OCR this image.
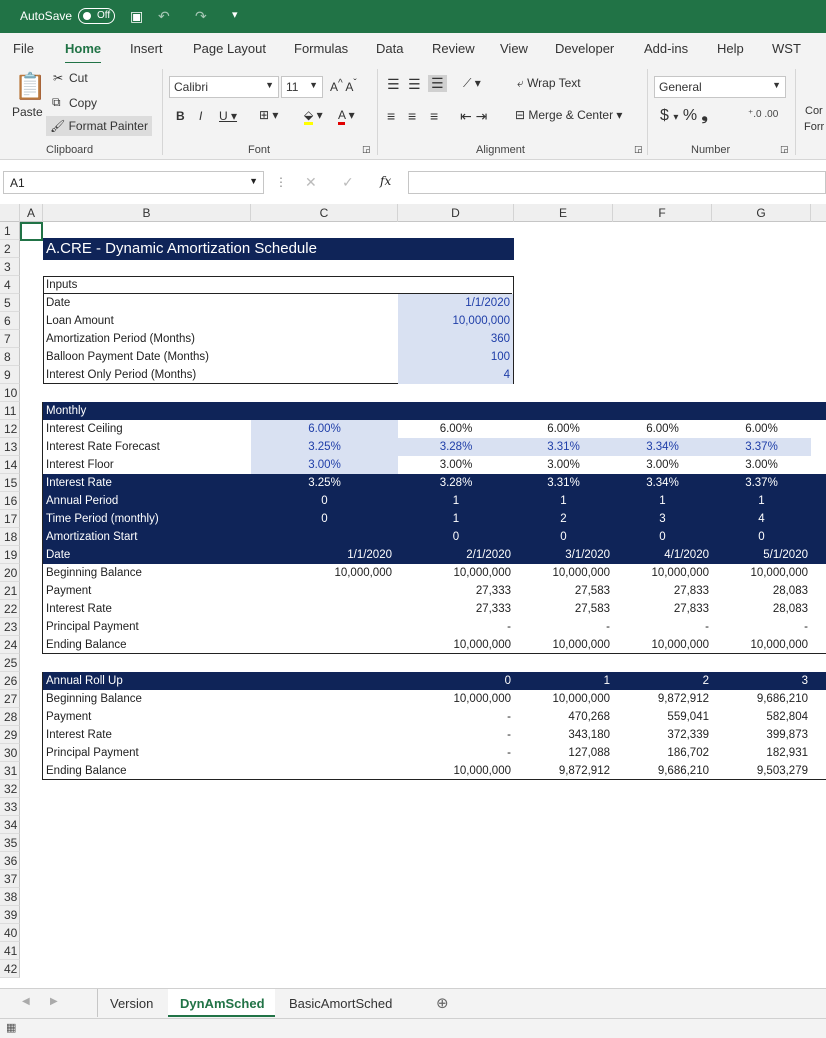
AutoSave	Off	▣ ↶ ↷ ▾
File Home Insert Page Layout Formulas Data Review View Developer Add-ins Help WST
📋
Paste
✂ Cut
⧉ Copy
🖌 Format Painter
Clipboard
Calibri	▼	11 ▼ A^ $A^ˇ$
B I U ▾ ⊞ ▾ ⬙ ▾ A ▾
Font	◲
☰ ☰ ☰ ⟋ ▾
≡ ≡ ≡ ⇤ ⇥
⤶ Wrap Text
⊟ Merge & Center ▾
Alignment	◲
General	▼
$ ▾ % ❟	⁺.0 .00
Number	◲
Cor
Forr
A1	▼ ⋮ ✕ ✓ fx
A	B	C	D	E	F	G
1
2
3
4
5
6
7
8
9
10
11
12
13
14
15
16
17
18
19
20
21
22
23
24
25
26
27
28
29
30
31
32
33
34
35
36
37
38
39
40
41
42
A.CRE - Dynamic Amortization Schedule
Inputs
Date	1/1/2020
Loan Amount	10,000,000
Amortization Period (Months)	360
Balloon Payment Date (Months)	100
Interest Only Period (Months)	4
Monthly
Interest Ceiling	6.00%	6.00%	6.00%	6.00%	6.00%
Interest Rate Forecast	3.25%	3.28%	3.31%	3.34%	3.37%
Interest Floor	3.00%	3.00%	3.00%	3.00%	3.00%
Interest Rate	3.25%	3.28%	3.31%	3.34%	3.37%
Annual Period	0	1	1	1	1
Time Period (monthly)	0	1	2	3	4
Amortization Start	0	0	0	0
Date	1/1/2020	2/1/2020	3/1/2020	4/1/2020	5/1/2020
Beginning Balance	10,000,000	10,000,000	10,000,000	10,000,000	10,000,000
Payment	27,333	27,583	27,833	28,083
Interest Rate	27,333	27,583	27,833	28,083
Principal Payment	-	-	-	-
Ending Balance	10,000,000	10,000,000	10,000,000	10,000,000
Annual Roll Up	0	1	2	3
Beginning Balance	10,000,000	10,000,000	9,872,912	9,686,210
Payment	-	470,268	559,041	582,804
Interest Rate	-	343,180	372,339	399,873
Principal Payment	-	127,088	186,702	182,931
Ending Balance	10,000,000	9,872,912	9,686,210	9,503,279
◀ ▶	Version DynAmSched BasicAmortSched	⊕
▦
